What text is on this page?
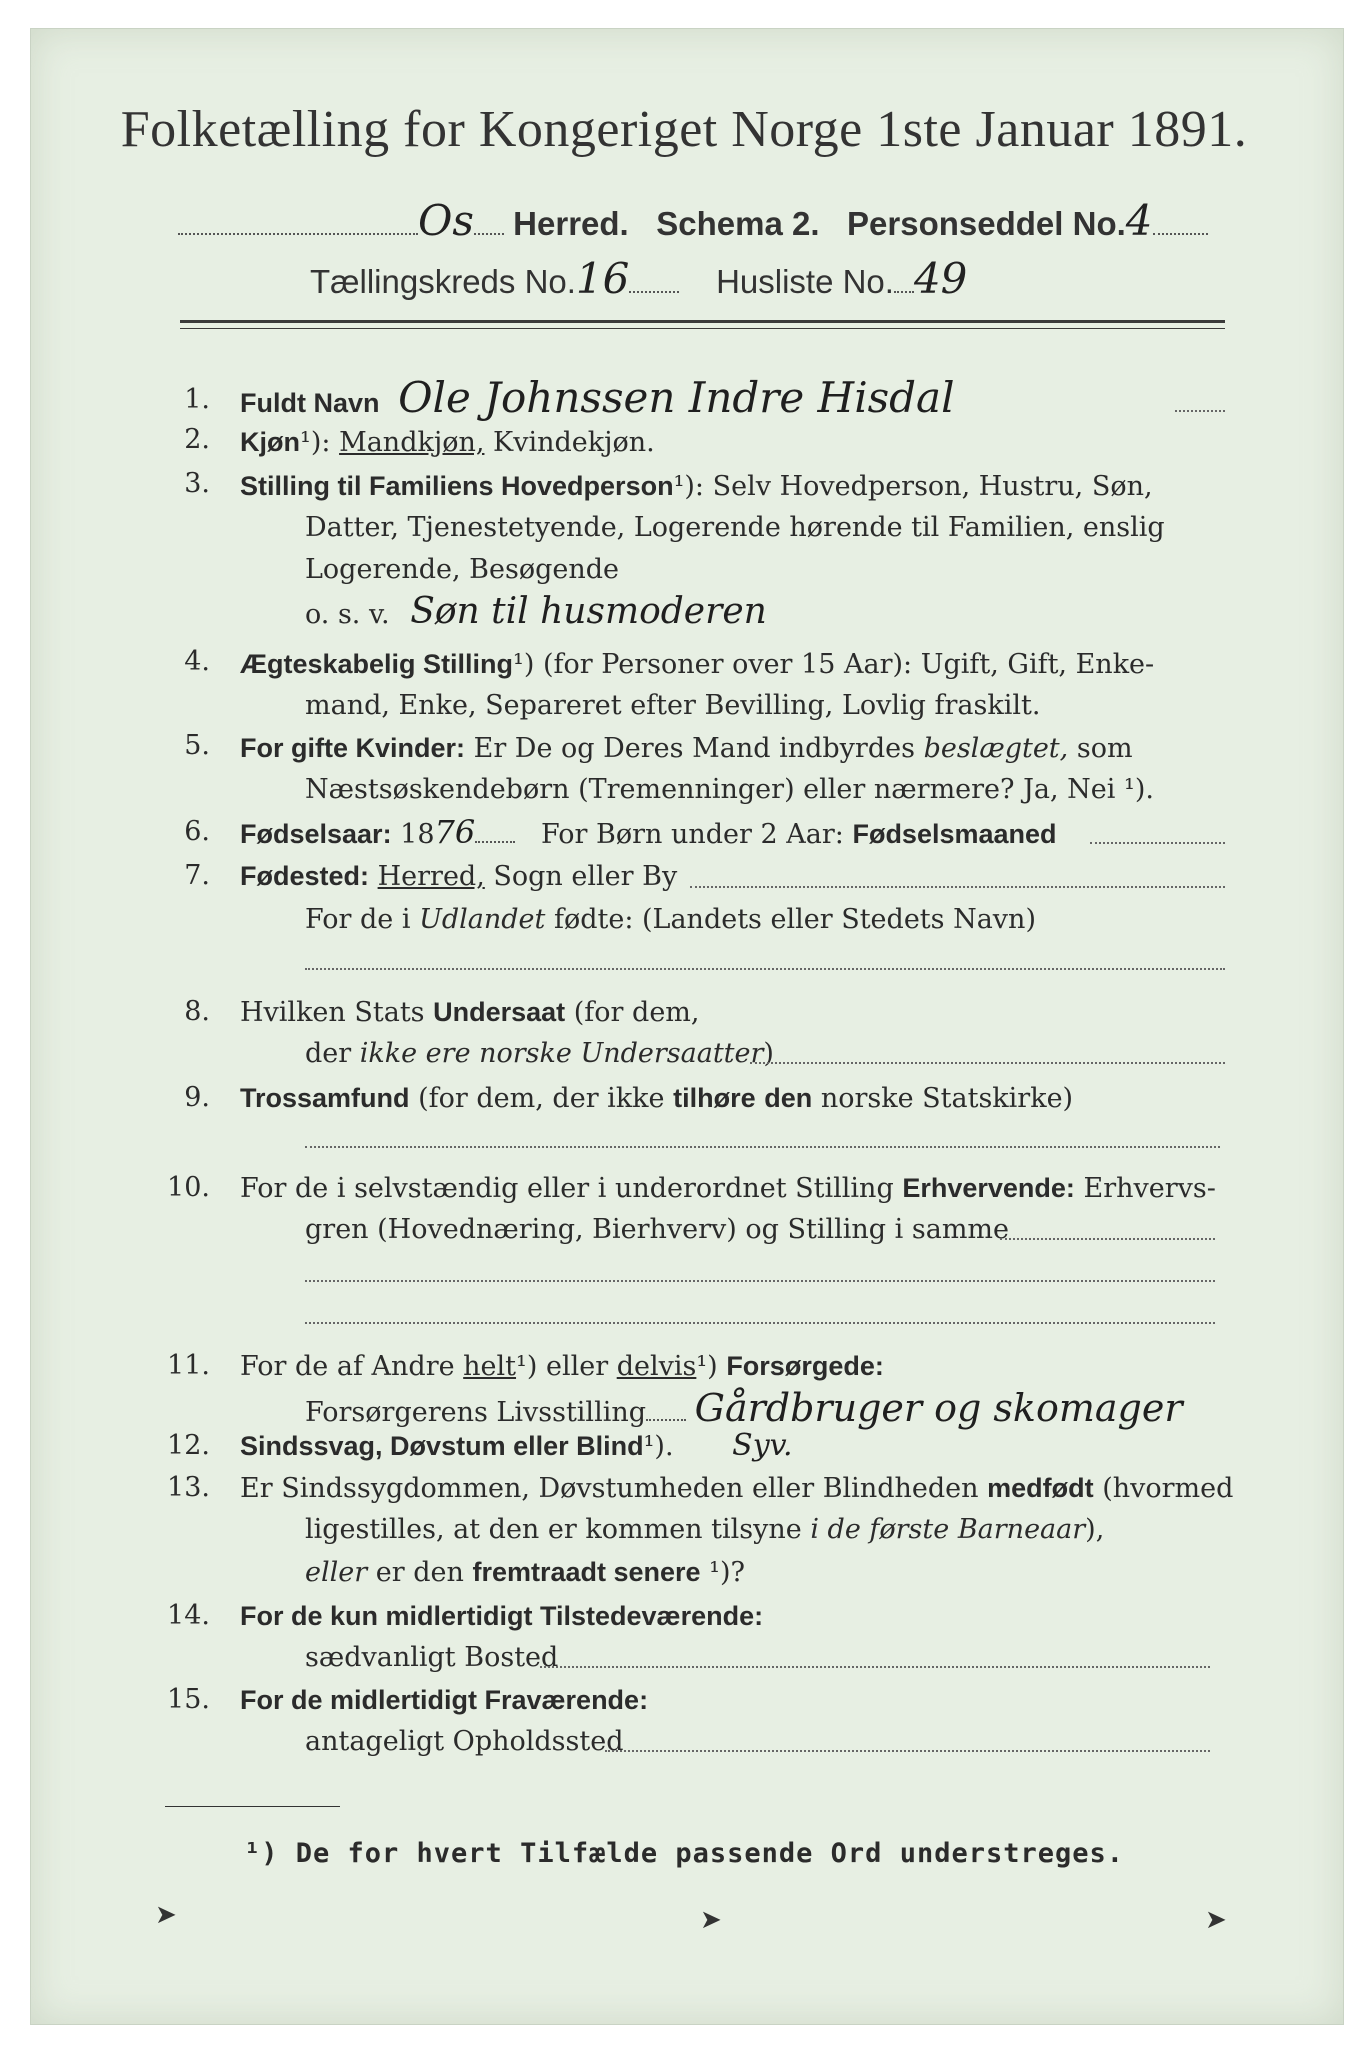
Folketælling for Kongeriget Norge 1ste Januar 1891.
Os Herred. Schema 2. Personseddel No.4
Tællingskreds No.16	Husliste No. 49
1. Fuldt Navn Ole Johnssen Indre Hisdal
2. Kjøn¹): Mandkjøn, Kvindekjøn.
3. Stilling til Familiens Hovedperson¹): Selv Hovedperson, Hustru, Søn,
Datter, Tjenestetyende, Logerende hørende til Familien, enslig
Logerende, Besøgende
o. s. v. Søn til husmoderen
4. Ægteskabelig Stilling¹) (for Personer over 15 Aar): Ugift, Gift, Enke-
mand, Enke, Separeret efter Bevilling, Lovlig fraskilt.
5. For gifte Kvinder: Er De og Deres Mand indbyrdes beslægtet, som
Næstsøskendebørn (Tremenninger) eller nærmere? Ja, Nei ¹).
6. Fødselsaar: 1876 For Børn under 2 Aar: Fødselsmaaned
7. Fødested: Herred, Sogn eller By
For de i Udlandet fødte: (Landets eller Stedets Navn)
8. Hvilken Stats Undersaat (for dem,
der ikke ere norske Undersaatter)
9. Trossamfund (for dem, der ikke tilhøre den norske Statskirke)
10. For de i selvstændig eller i underordnet Stilling Erhvervende: Erhvervs-
gren (Hovednæring, Bierhverv) og Stilling i samme
11. For de af Andre helt¹) eller delvis¹) Forsørgede:
Forsørgerens Livsstilling Gårdbruger og skomager
12. Sindssvag, Døvstum eller Blind¹). Syv.
13. Er Sindssygdommen, Døvstumheden eller Blindheden medfødt (hvormed
ligestilles, at den er kommen tilsyne i de første Barneaar),
eller er den fremtraadt senere ¹)?
14. For de kun midlertidigt Tilstedeværende:
sædvanligt Bosted
15. For de midlertidigt Fraværende:
antageligt Opholdssted
¹) De for hvert Tilfælde passende Ord understreges.
➤	➤	➤
